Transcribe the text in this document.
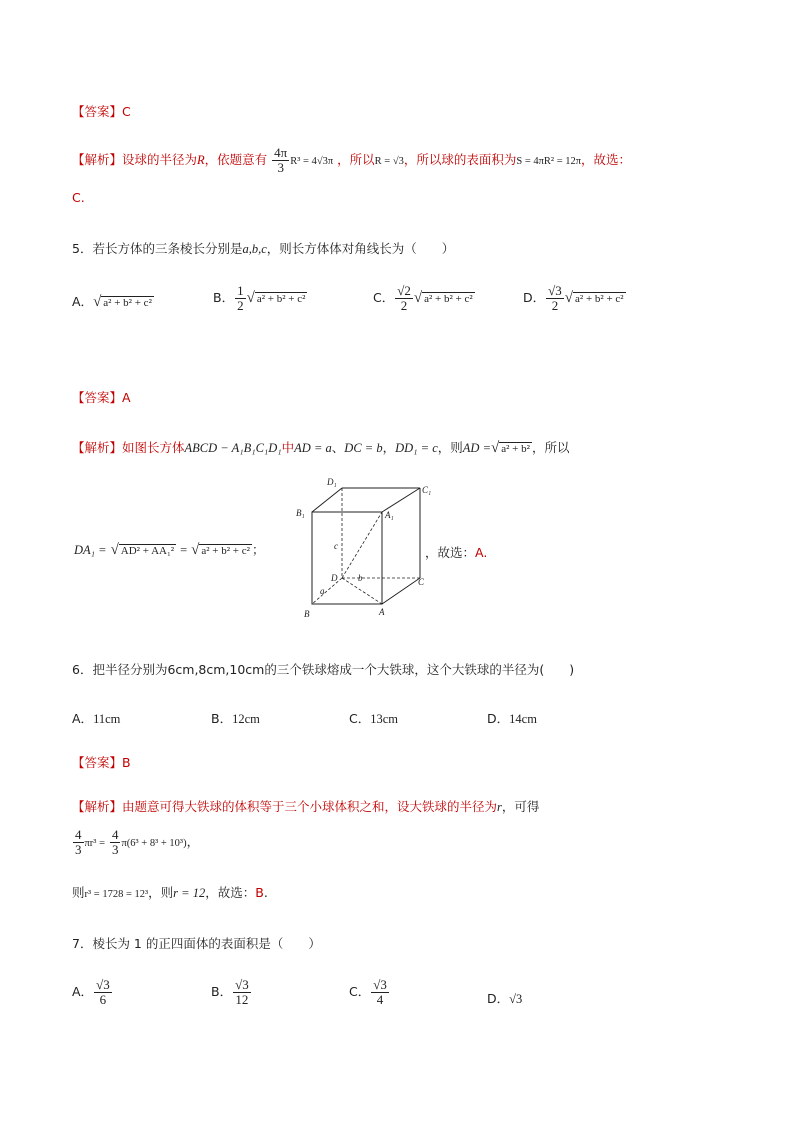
【答案】C
【解析】设球的半径为R，依题意有 $\frac{4\pi}{3} R^3 = 4√3\pi$ ，所以R = √3，所以球的表面积为S = 4πR² = 12π，故选：
C.
5．若长方体的三条棱长分别是a,b,c，则长方体体对角线长为（　　）
A．√ a² + b² + c²	B． $\frac{1}{2}$ √ a² + b² + c²	C． $\frac{√2}{2}$ √ a² + b² + c²	D． $\frac{√3}{2}$ √ a² + b² + c²
【答案】A
【解析】如图长方体ABCD − A₁B₁C₁D₁中AD = a、DC = b，DD₁ = c，则AD =√ a² + b² ，所以
DA₁ = √ AD² + AA₁² = √ a² + b² + c² ；	，故选：A.
D₁
C₁
B₁	A₁
D	C
B	A
a
b
c
6．把半径分别为6cm,8cm,10cm的三个铁球熔成一个大铁球，这个大铁球的半径为(　　)
A．11cm	B．12cm	C．13cm	D．14cm
【答案】B
【解析】由题意可得大铁球的体积等于三个小球体积之和，设大铁球的半径为r，可得
$\frac{4}{3} \pi r^3 = \frac{4}{3} \pi(6^3 + 8^3 + 10^3)$，
则r³ = 1728 = 12³，则r = 12，故选：B.
7．棱长为 1 的正四面体的表面积是（　　）
A． $\frac{√3}{6}$	B． $\frac{√3}{12}$	C． $\frac{√3}{4}$	D．√3
